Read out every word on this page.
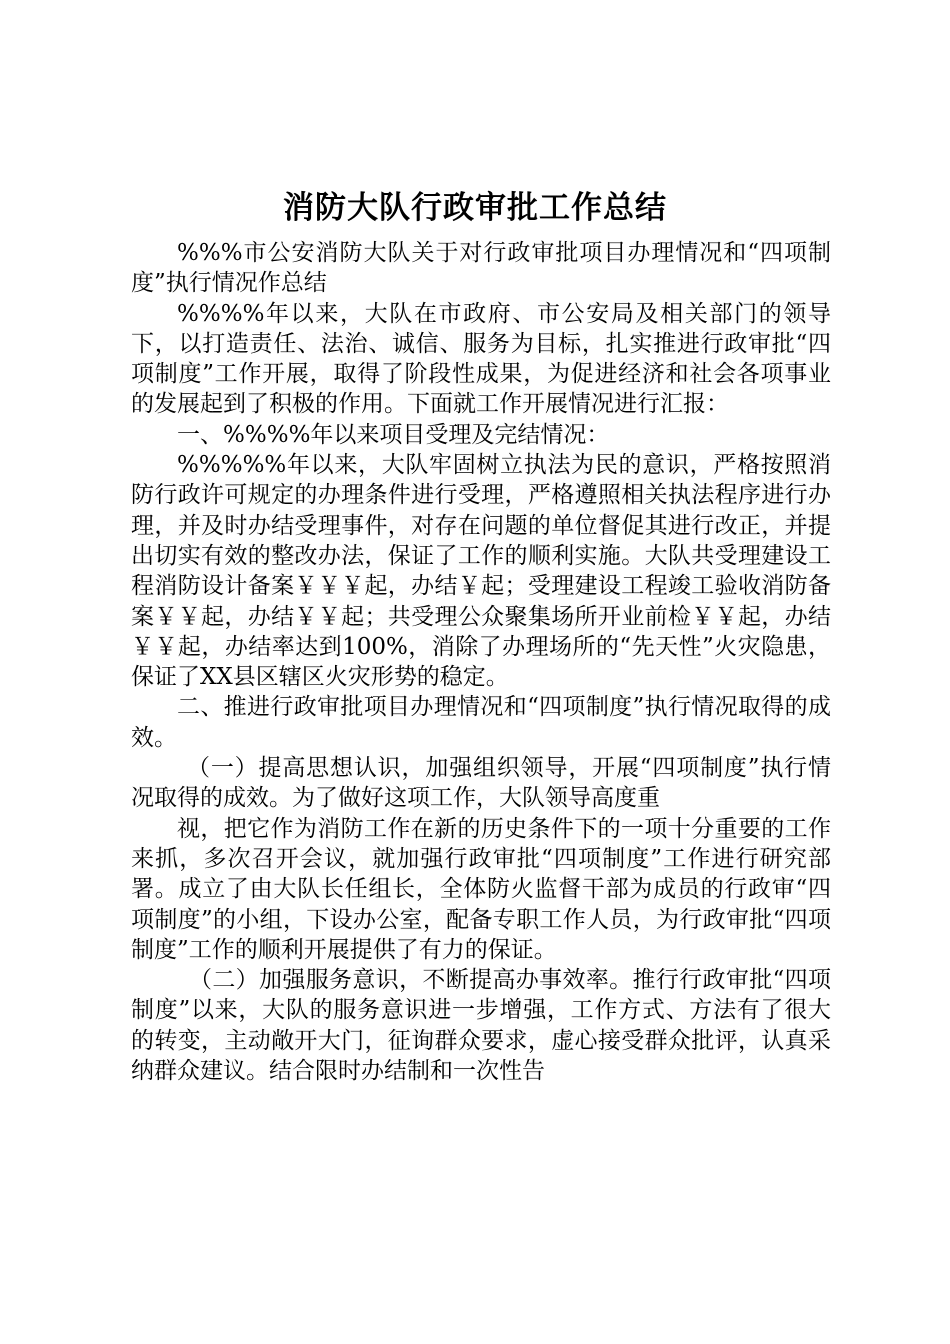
消防大队行政审批工作总结

%%%市公安消防大队关于对行政审批项目办理情况和“四项制度”执行情况作总结

%%%%年以来，大队在市政府、市公安局及相关部门的领导下，以打造责任、法治、诚信、服务为目标，扎实推进行政审批“四项制度”工作开展，取得了阶段性成果，为促进经济和社会各项事业的发展起到了积极的作用。下面就工作开展情况进行汇报：

一、%%%%年以来项目受理及完结情况：

%%%%%年以来，大队牢固树立执法为民的意识，严格按照消防行政许可规定的办理条件进行受理，严格遵照相关执法程序进行办理，并及时办结受理事件，对存在问题的单位督促其进行改正，并提出切实有效的整改办法，保证了工作的顺利实施。大队共受理建设工程消防设计备案￥￥￥起，办结￥起；受理建设工程竣工验收消防备案￥￥起，办结￥￥起；共受理公众聚集场所开业前检￥￥起，办结￥￥起，办结率达到100%，消除了办理场所的“先天性”火灾隐患，保证了XX县区辖区火灾形势的稳定。

二、推进行政审批项目办理情况和“四项制度”执行情况取得的成效。

（一）提高思想认识，加强组织领导，开展“四项制度”执行情况取得的成效。为了做好这项工作，大队领导高度重

视，把它作为消防工作在新的历史条件下的一项十分重要的工作来抓，多次召开会议，就加强行政审批“四项制度”工作进行研究部署。成立了由大队长任组长，全体防火监督干部为成员的行政审“四项制度”的小组，下设办公室，配备专职工作人员，为行政审批“四项制度”工作的顺利开展提供了有力的保证。

（二）加强服务意识，不断提高办事效率。推行行政审批“四项制度”以来，大队的服务意识进一步增强，工作方式、方法有了很大的转变，主动敞开大门，征询群众要求，虚心接受群众批评，认真采纳群众建议。结合限时办结制和一次性告
